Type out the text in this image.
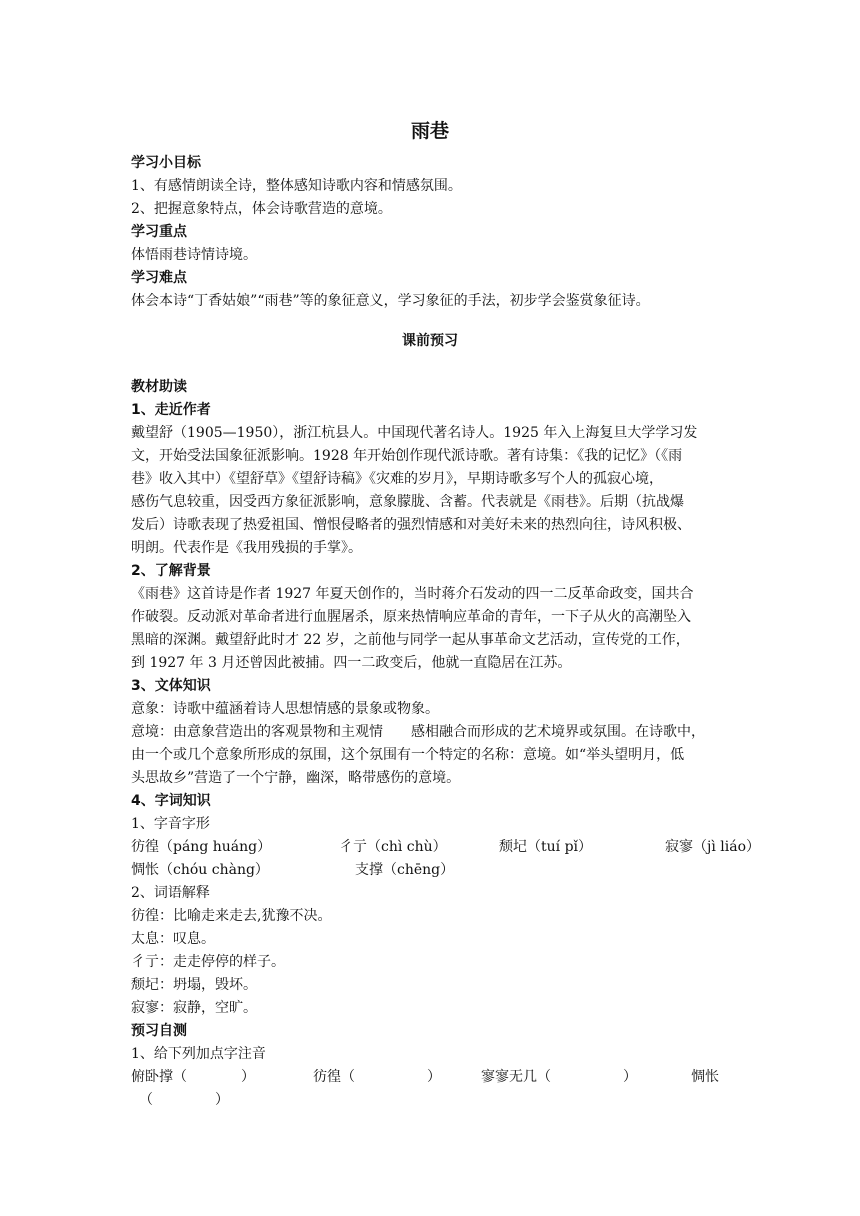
雨巷
学习小目标

1、有感情朗读全诗，整体感知诗歌内容和情感氛围。

2、把握意象特点，体会诗歌营造的意境。

学习重点

体悟雨巷诗情诗境。

学习难点

体会本诗“丁香姑娘”“雨巷”等的象征意义，学习象征的手法，初步学会鉴赏象征诗。

课前预习
教材助读
1、走近作者

戴望舒（1905—1950），浙江杭县人。中国现代著名诗人。1925 年入上海复旦大学学习发

文，开始受法国象征派影响。1928 年开始创作现代派诗歌。著有诗集：《我的记忆》（《雨

巷》收入其中）《望舒草》《望舒诗稿》《灾难的岁月》，早期诗歌多写个人的孤寂心境，

感伤气息较重，因受西方象征派影响，意象朦胧、含蓄。代表就是《雨巷》。后期（抗战爆

发后）诗歌表现了热爱祖国、憎恨侵略者的强烈情感和对美好未来的热烈向往，诗风积极、

明朗。代表作是《我用残损的手掌》。

2、了解背景

《雨巷》这首诗是作者 1927 年夏天创作的，当时蒋介石发动的四一二反革命政变，国共合

作破裂。反动派对革命者进行血腥屠杀，原来热情响应革命的青年，一下子从火的高潮坠入

黑暗的深渊。戴望舒此时才 22 岁，之前他与同学一起从事革命文艺活动，宣传党的工作，

到 1927 年 3 月还曾因此被捕。四一二政变后，他就一直隐居在江苏。

3、文体知识

意象：诗歌中蕴涵着诗人思想情感的景象或物象。

意境：由意象营造出的客观景物和主观情 感相融合而形成的艺术境界或氛围。在诗歌中，

由一个或几个意象所形成的氛围，这个氛围有一个特定的名称：意境。如“举头望明月，低

头思故乡”营造了一个宁静，幽深，略带感伤的意境。

4、字词知识

1、字音字形

彷徨（páng huáng）	彳亍（chì chù）	颓圮（tuí pǐ）	寂寥（jì liáo）
惆怅（chóu chàng）	支撑（chēng）

2、词语解释

彷徨：比喻走来走去,犹豫不决。

太息：叹息。

彳亍：走走停停的样子。

颓圮：坍塌，毁坏。

寂寥：寂静，空旷。

预习自测

1、给下列加点字注音

俯卧撑（	）	彷徨（	）	寥寥无几（	）	惆怅
（	）
